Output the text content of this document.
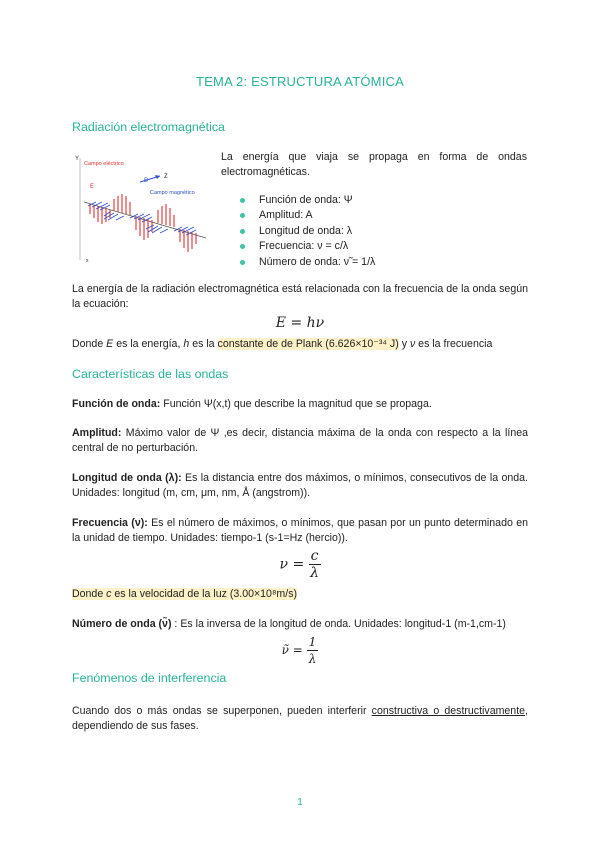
TEMA 2: ESTRUCTURA ATÓMICA
Radiación electromagnética
Y
Campo eléctrico
E
B
Z
Campo magnético
x
La energía que viaja se propaga en forma de ondas electromagnéticas.
Función de onda: Ψ
Amplitud: A
Longitud de onda: λ
Frecuencia: ν = c/λ
Número de onda: ν̃ = 1/λ
La energía de la radiación electromagnética está relacionada con la frecuencia de la onda según la ecuación:
E = hν
Donde E es la energía, h es la constante de de Plank (6.626×10⁻³⁴ J) y ν es la frecuencia
Características de las ondas
Función de onda: Función Ψ(x,t) que describe la magnitud que se propaga.
Amplitud: Máximo valor de Ψ ,es decir, distancia máxima de la onda con respecto a la línea central de no perturbación.
Longitud de onda (λ): Es la distancia entre dos máximos, o mínimos, consecutivos de la onda. Unidades: longitud (m, cm, μm, nm, Å (angstrom)).
Frecuencia (ν): Es el número de máximos, o mínimos, que pasan por un punto determinado en la unidad de tiempo. Unidades: tiempo-1 (s-1=Hz (hercio)).
$\nu = \frac{c}{\lambda}$
Donde c es la velocidad de la luz (3.00×10⁸m/s)
Número de onda (ν̃) : Es la inversa de la longitud de onda. Unidades: longitud-1 (m-1,cm-1)
ν̃ = $\frac{1}{\lambda}$
Fenómenos de interferencia
Cuando dos o más ondas se superponen, pueden interferir constructiva o destructivamente, dependiendo de sus fases.
1
